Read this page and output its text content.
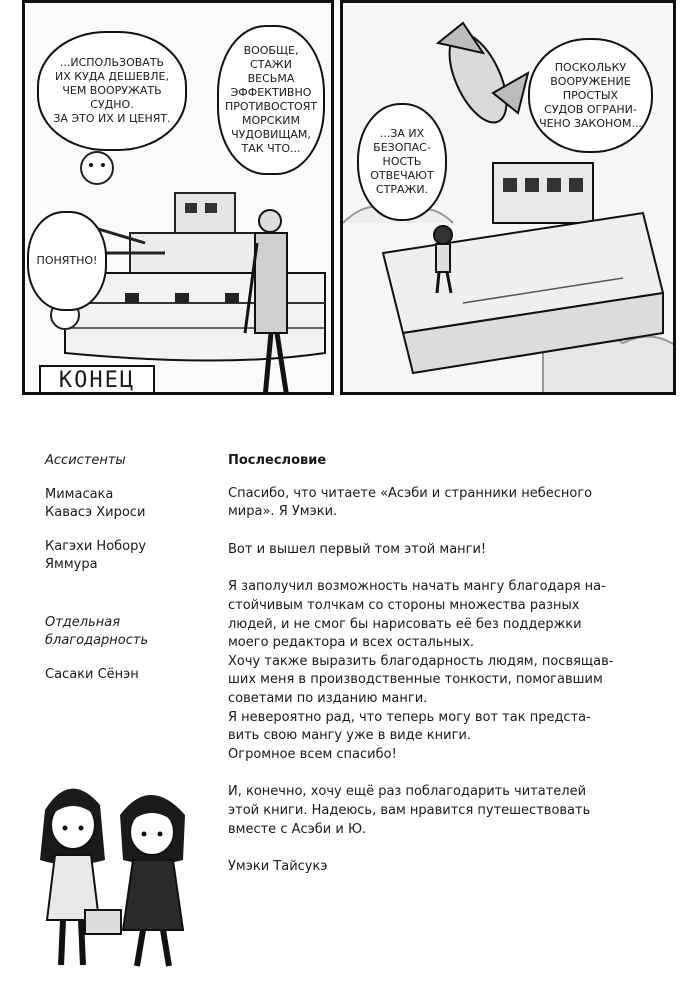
...ИСПОЛЬЗОВАТЬ
ИХ КУДА ДЕШЕВЛЕ,
ЧЕМ ВООРУЖАТЬ
СУДНО.
ЗА ЭТО ИХ И ЦЕНЯТ.
ВООБЩЕ,
СТАЖИ ВЕСЬМА
ЭФФЕКТИВНО
ПРОТИВОСТОЯТ
МОРСКИМ
ЧУДОВИЩАМ,
ТАК ЧТО...
ПОНЯТНО!
КОНЕЦ
ПОСКОЛЬКУ
ВООРУЖЕНИЕ
ПРОСТЫХ
СУДОВ ОГРАНИ-
ЧЕНО ЗАКОНОМ...
...ЗА ИХ
БЕЗОПАС-
НОСТЬ
ОТВЕЧАЮТ
СТРАЖИ.

Ассистенты

Мимасака
Кавасэ Хироси

Кагэхи Нобору
Яммура

Отдельная
благодарность

Сасаки Сёнэн

Послесловие

Спасибо, что читаете «Асэби и странники небесного
мира». Я Умэки.

Вот и вышел первый том этой манги!

Я заполучил возможность начать мангу благодаря на-
стойчивым толчкам со стороны множества разных
людей, и не смог бы нарисовать её без поддержки
моего редактора и всех остальных.
Хочу также выразить благодарность людям, посвящав-
ших меня в производственные тонкости, помогавшим
советами по изданию манги.
Я невероятно рад, что теперь могу вот так предста-
вить свою мангу уже в виде книги.
Огромное всем спасибо!

И, конечно, хочу ещё раз поблагодарить читателей
этой книги. Надеюсь, вам нравится путешествовать
вместе с Асэби и Ю.

Умэки Тайсукэ
